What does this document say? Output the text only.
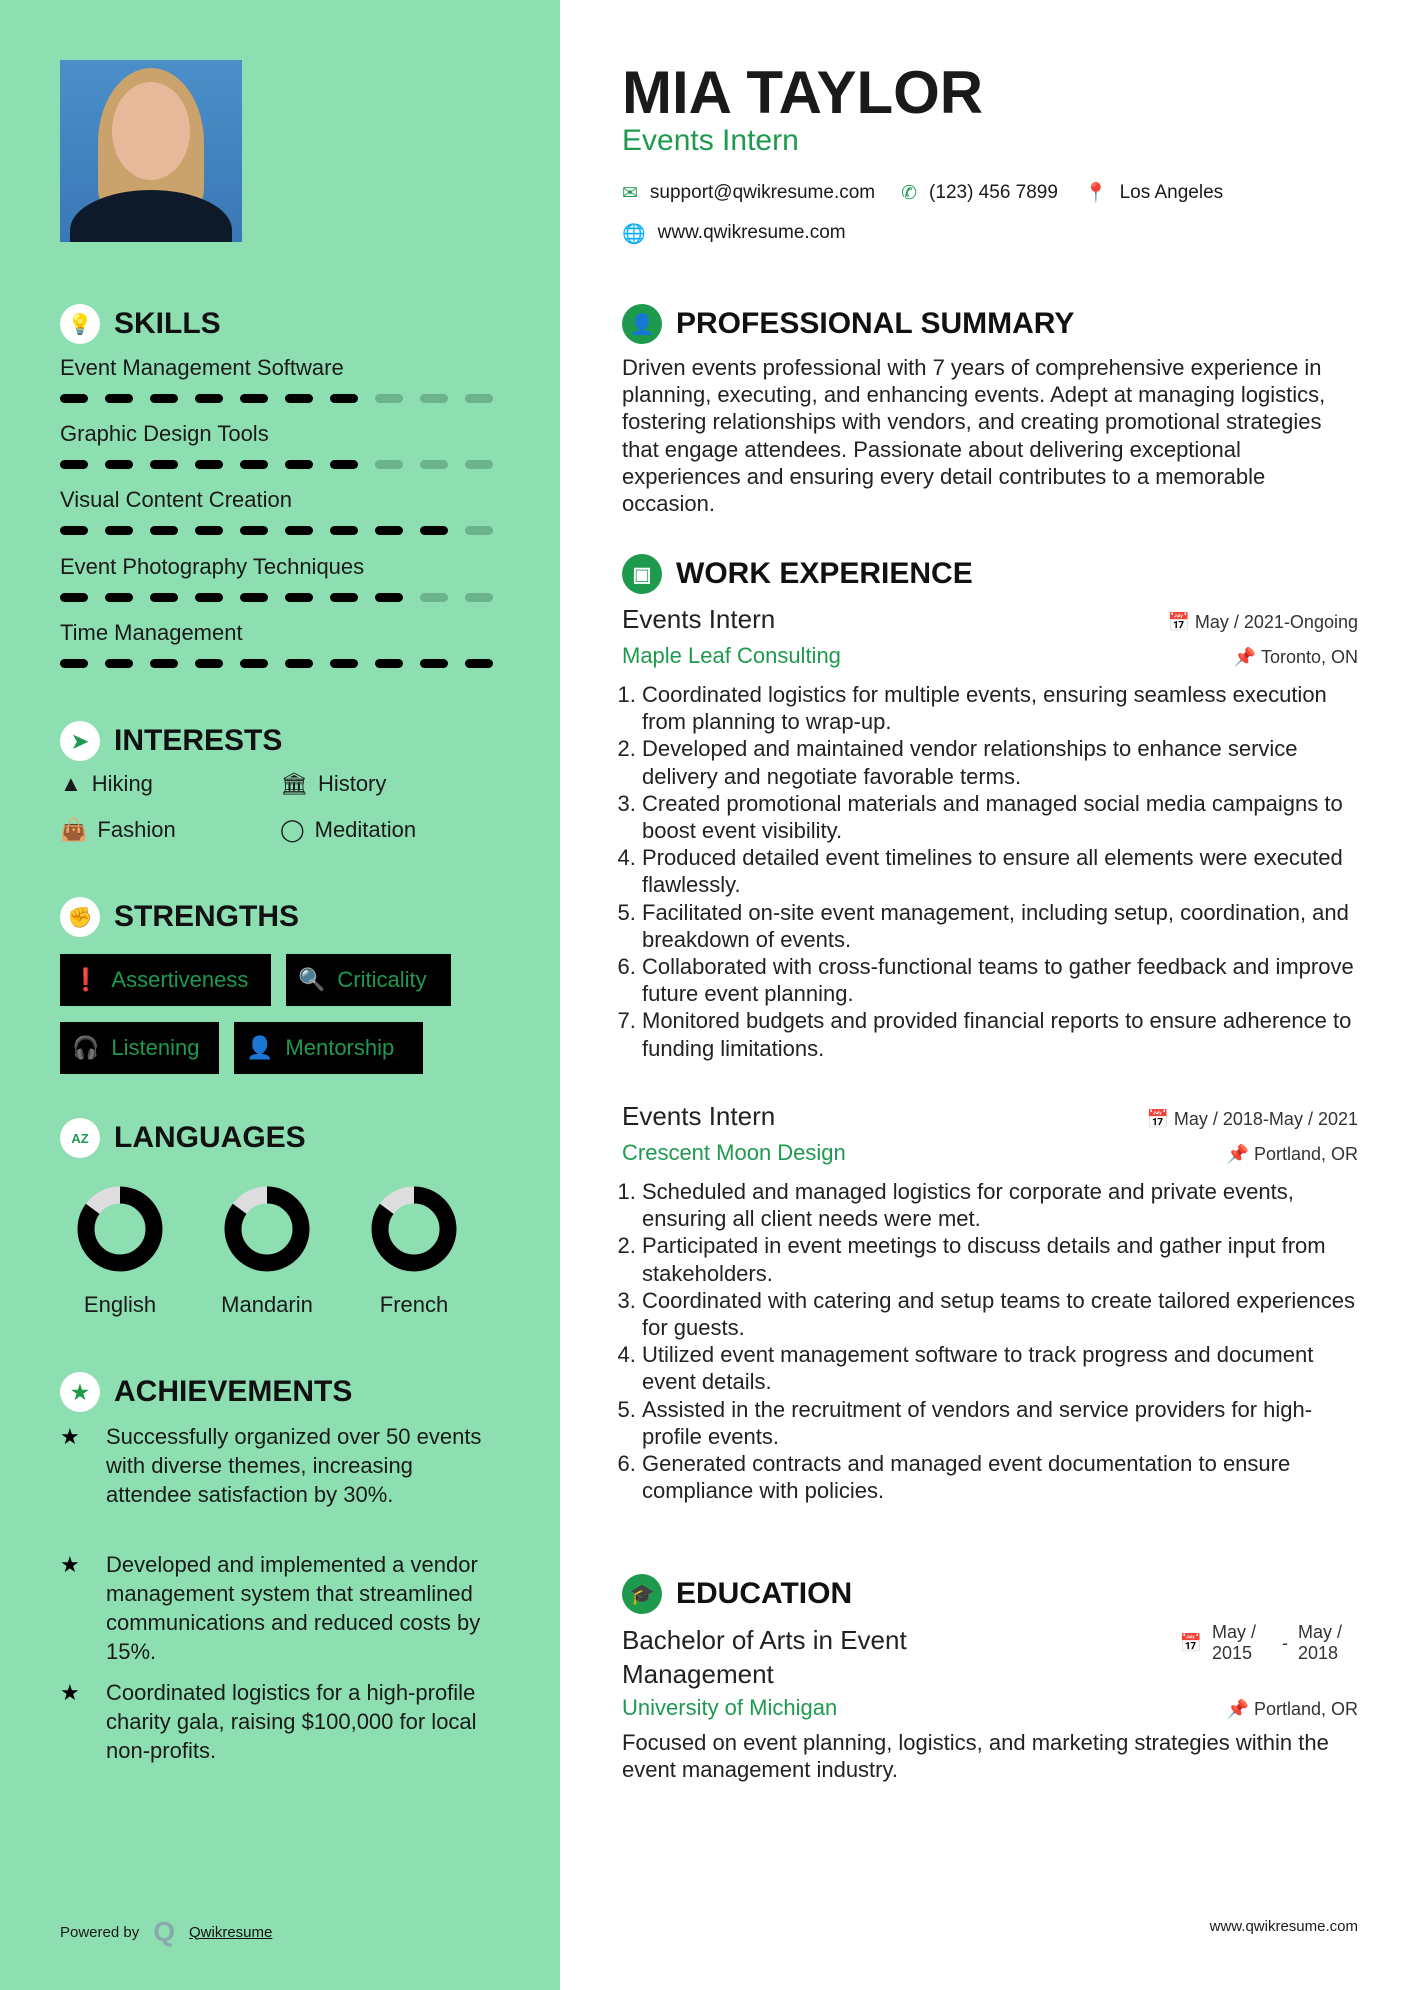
💡 SKILLS
Event Management Software
Graphic Design Tools
Visual Content Creation
Event Photography Techniques
Time Management
➤ INTERESTS
▲ Hiking	🏛 History
👜 Fashion	◯ Meditation
✊ STRENGTHS
❗ Assertiveness 🔍 Criticality
🎧 Listening 👤 Mentorship
AZ LANGUAGES
English	Mandarin	French
★ ACHIEVEMENTS
★	Successfully organized over 50 events with diverse themes, increasing attendee satisfaction by 30%.
★	Developed and implemented a vendor management system that streamlined communications and reduced costs by 15%.
★	Coordinated logistics for a high-profile charity gala, raising $100,000 for local non-profits.
Powered by Q Qwikresume
MIA TAYLOR
Events Intern
✉ support@qwikresume.com ✆ (123) 456 7899 📍 Los Angeles
🌐 www.qwikresume.com
👤 PROFESSIONAL SUMMARY
Driven events professional with 7 years of comprehensive experience in planning, executing, and enhancing events. Adept at managing logistics, fostering relationships with vendors, and creating promotional strategies that engage attendees. Passionate about delivering exceptional experiences and ensuring every detail contributes to a memorable occasion.
▣ WORK EXPERIENCE
Events Intern	📅 May / 2021-Ongoing
Maple Leaf Consulting	📌 Toronto, ON
1. Coordinated logistics for multiple events, ensuring seamless execution from planning to wrap-up.
2. Developed and maintained vendor relationships to enhance service delivery and negotiate favorable terms.
3. Created promotional materials and managed social media campaigns to boost event visibility.
4. Produced detailed event timelines to ensure all elements were executed flawlessly.
5. Facilitated on-site event management, including setup, coordination, and breakdown of events.
6. Collaborated with cross-functional teams to gather feedback and improve future event planning.
7. Monitored budgets and provided financial reports to ensure adherence to funding limitations.
Events Intern	📅 May / 2018-May / 2021
Crescent Moon Design	📌 Portland, OR
1. Scheduled and managed logistics for corporate and private events, ensuring all client needs were met.
2. Participated in event meetings to discuss details and gather input from stakeholders.
3. Coordinated with catering and setup teams to create tailored experiences for guests.
4. Utilized event management software to track progress and document event details.
5. Assisted in the recruitment of vendors and service providers for high-profile events.
6. Generated contracts and managed event documentation to ensure compliance with policies.
🎓 EDUCATION
Bachelor of Arts in Event Management
📅
May / 2015
-
May / 2018
University of Michigan	📌 Portland, OR
Focused on event planning, logistics, and marketing strategies within the event management industry.
www.qwikresume.com
